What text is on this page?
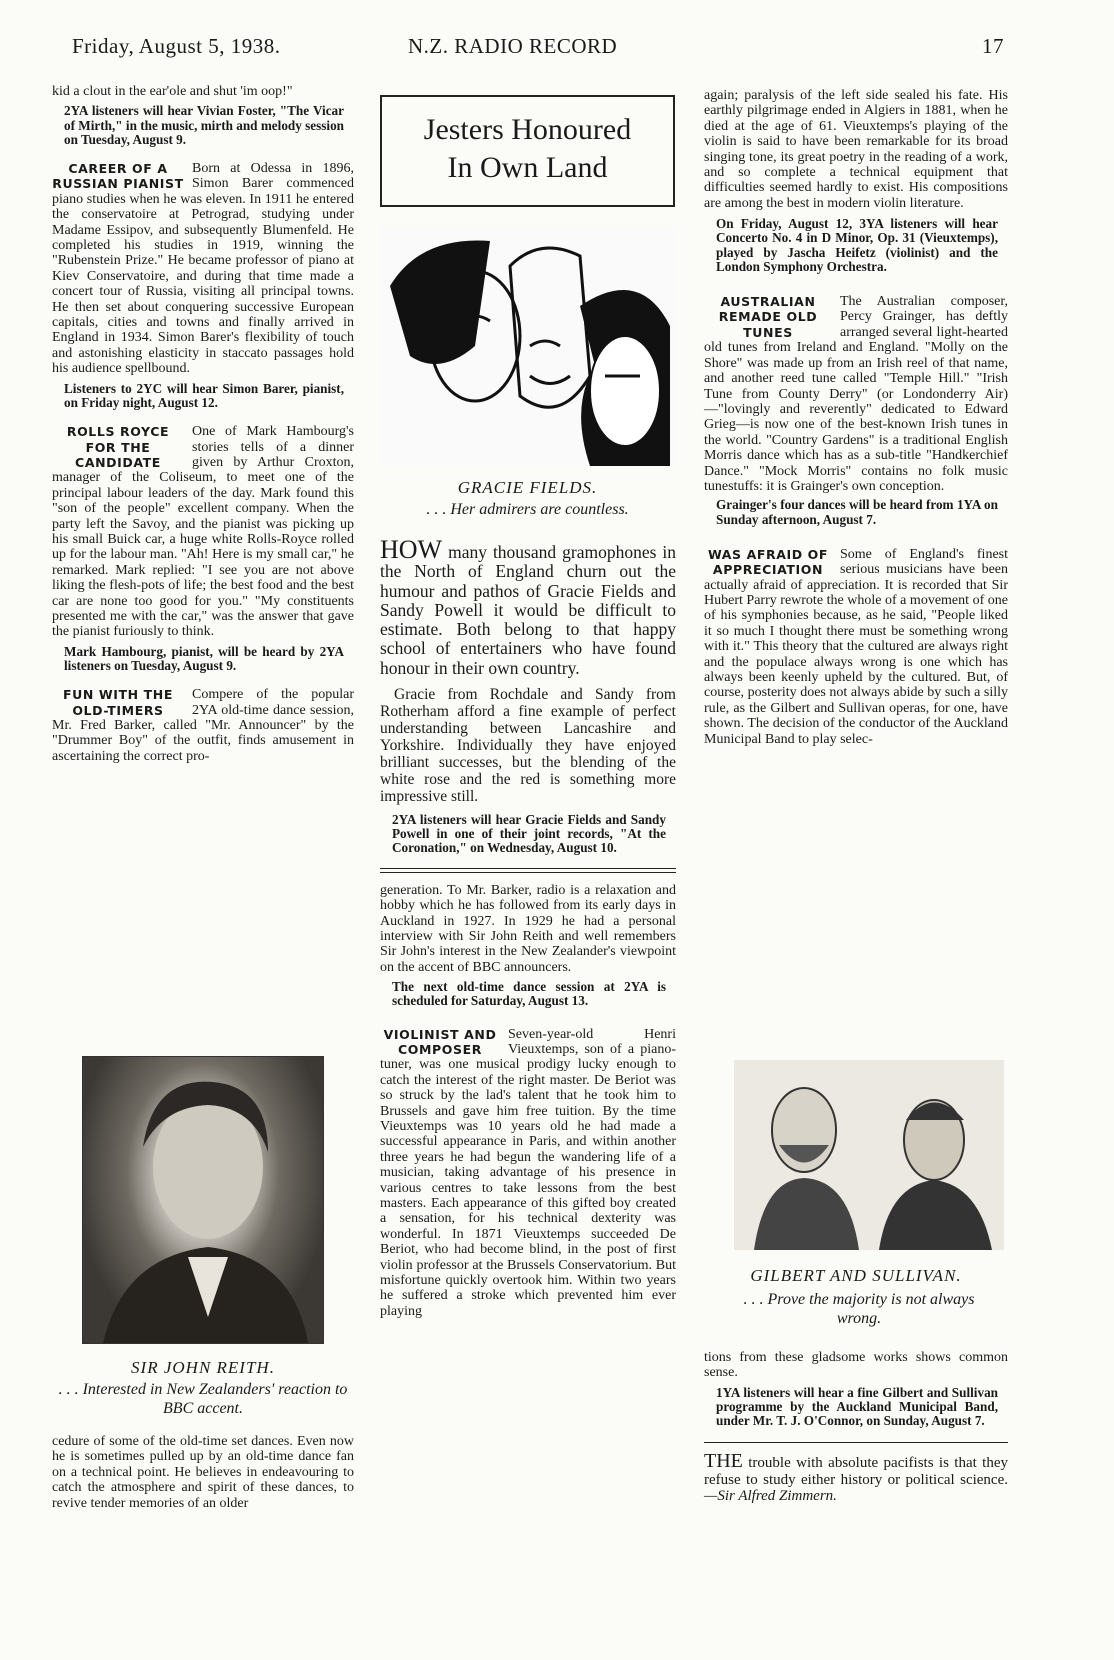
Friday, August 5, 1938.	N.Z. RADIO RECORD	17

kid a clout in the ear'ole and shut 'im oop!"

2YA listeners will hear Vivian Foster, "The Vicar of Mirth," in the music, mirth and melody session on Tuesday, August 9.

CAREER OF A RUSSIAN PIANIST

Born at Odessa in 1896, Simon Barer commenced piano studies when he was eleven. In 1911 he entered the conservatoire at Petrograd, studying under Madame Essipov, and subsequently Blumenfeld. He completed his studies in 1919, winning the "Rubenstein Prize." He became professor of piano at Kiev Conservatoire, and during that time made a concert tour of Russia, visiting all principal towns. He then set about conquering successive European capitals, cities and towns and finally arrived in England in 1934. Simon Barer's flexibility of touch and astonishing elasticity in staccato passages hold his audience spellbound.

Listeners to 2YC will hear Simon Barer, pianist, on Friday night, August 12.

ROLLS ROYCE FOR THE CANDIDATE

One of Mark Hambourg's stories tells of a dinner given by Arthur Croxton, manager of the Coliseum, to meet one of the principal labour leaders of the day. Mark found this "son of the people" excellent company. When the party left the Savoy, and the pianist was picking up his small Buick car, a huge white Rolls-Royce rolled up for the labour man. "Ah! Here is my small car," he remarked. Mark replied: "I see you are not above liking the flesh-pots of life; the best food and the best car are none too good for you." "My constituents presented me with the car," was the answer that gave the pianist furiously to think.

Mark Hambourg, pianist, will be heard by 2YA listeners on Tuesday, August 9.

FUN WITH THE OLD-TIMERS

Compere of the popular 2YA old-time dance session, Mr. Fred Barker, called "Mr. Announcer" by the "Drummer Boy" of the outfit, finds amusement in ascertaining the correct pro-

SIR JOHN REITH.
. . . Interested in New Zealanders' reaction to BBC accent.

cedure of some of the old-time set dances. Even now he is sometimes pulled up by an old-time dance fan on a technical point. He believes in endeavouring to catch the atmosphere and spirit of these dances, to revive tender memories of an older

Jesters Honoured In Own Land
GRACIE FIELDS.
. . . Her admirers are countless.

HOW many thousand gramophones in the North of England churn out the humour and pathos of Gracie Fields and Sandy Powell it would be difficult to estimate. Both belong to that happy school of entertainers who have found honour in their own country.

Gracie from Rochdale and Sandy from Rotherham afford a fine example of perfect understanding between Lancashire and Yorkshire. Individually they have enjoyed brilliant successes, but the blending of the white rose and the red is something more impressive still.

2YA listeners will hear Gracie Fields and Sandy Powell in one of their joint records, "At the Coronation," on Wednesday, August 10.

generation. To Mr. Barker, radio is a relaxation and hobby which he has followed from its early days in Auckland in 1927. In 1929 he had a personal interview with Sir John Reith and well remembers Sir John's interest in the New Zealander's viewpoint on the accent of BBC announcers.

The next old-time dance session at 2YA is scheduled for Saturday, August 13.

VIOLINIST AND COMPOSER

Seven-year-old Henri Vieuxtemps, son of a piano-tuner, was one musical prodigy lucky enough to catch the interest of the right master. De Beriot was so struck by the lad's talent that he took him to Brussels and gave him free tuition. By the time Vieuxtemps was 10 years old he had made a successful appearance in Paris, and within another three years he had begun the wandering life of a musician, taking advantage of his presence in various centres to take lessons from the best masters. Each appearance of this gifted boy created a sensation, for his technical dexterity was wonderful. In 1871 Vieuxtemps succeeded De Beriot, who had become blind, in the post of first violin professor at the Brussels Conservatorium. But misfortune quickly overtook him. Within two years he suffered a stroke which prevented him ever playing

again; paralysis of the left side sealed his fate. His earthly pilgrimage ended in Algiers in 1881, when he died at the age of 61. Vieuxtemps's playing of the violin is said to have been remarkable for its broad singing tone, its great poetry in the reading of a work, and so complete a technical equipment that difficulties seemed hardly to exist. His compositions are among the best in modern violin literature.

On Friday, August 12, 3YA listeners will hear Concerto No. 4 in D Minor, Op. 31 (Vieuxtemps), played by Jascha Heifetz (violinist) and the London Symphony Orchestra.

AUSTRALIAN REMADE OLD TUNES

The Australian composer, Percy Grainger, has deftly arranged several light-hearted old tunes from Ireland and England. "Molly on the Shore" was made up from an Irish reel of that name, and another reed tune called "Temple Hill." "Irish Tune from County Derry" (or Londonderry Air)—"lovingly and reverently" dedicated to Edward Grieg—is now one of the best-known Irish tunes in the world. "Country Gardens" is a traditional English Morris dance which has as a sub-title "Handkerchief Dance." "Mock Morris" contains no folk music tunestuffs: it is Grainger's own conception.

Grainger's four dances will be heard from 1YA on Sunday afternoon, August 7.

WAS AFRAID OF APPRECIATION

Some of England's finest serious musicians have been actually afraid of appreciation. It is recorded that Sir Hubert Parry rewrote the whole of a movement of one of his symphonies because, as he said, "People liked it so much I thought there must be something wrong with it." This theory that the cultured are always right and the populace always wrong is one which has always been keenly upheld by the cultured. But, of course, posterity does not always abide by such a silly rule, as the Gilbert and Sullivan operas, for one, have shown. The decision of the conductor of the Auckland Municipal Band to play selec-

GILBERT AND SULLIVAN.
. . . Prove the majority is not always wrong.

tions from these gladsome works shows common sense.

1YA listeners will hear a fine Gilbert and Sullivan programme by the Auckland Municipal Band, under Mr. T. J. O'Connor, on Sunday, August 7.

THE trouble with absolute pacifists is that they refuse to study either history or political science.—Sir Alfred Zimmern.
